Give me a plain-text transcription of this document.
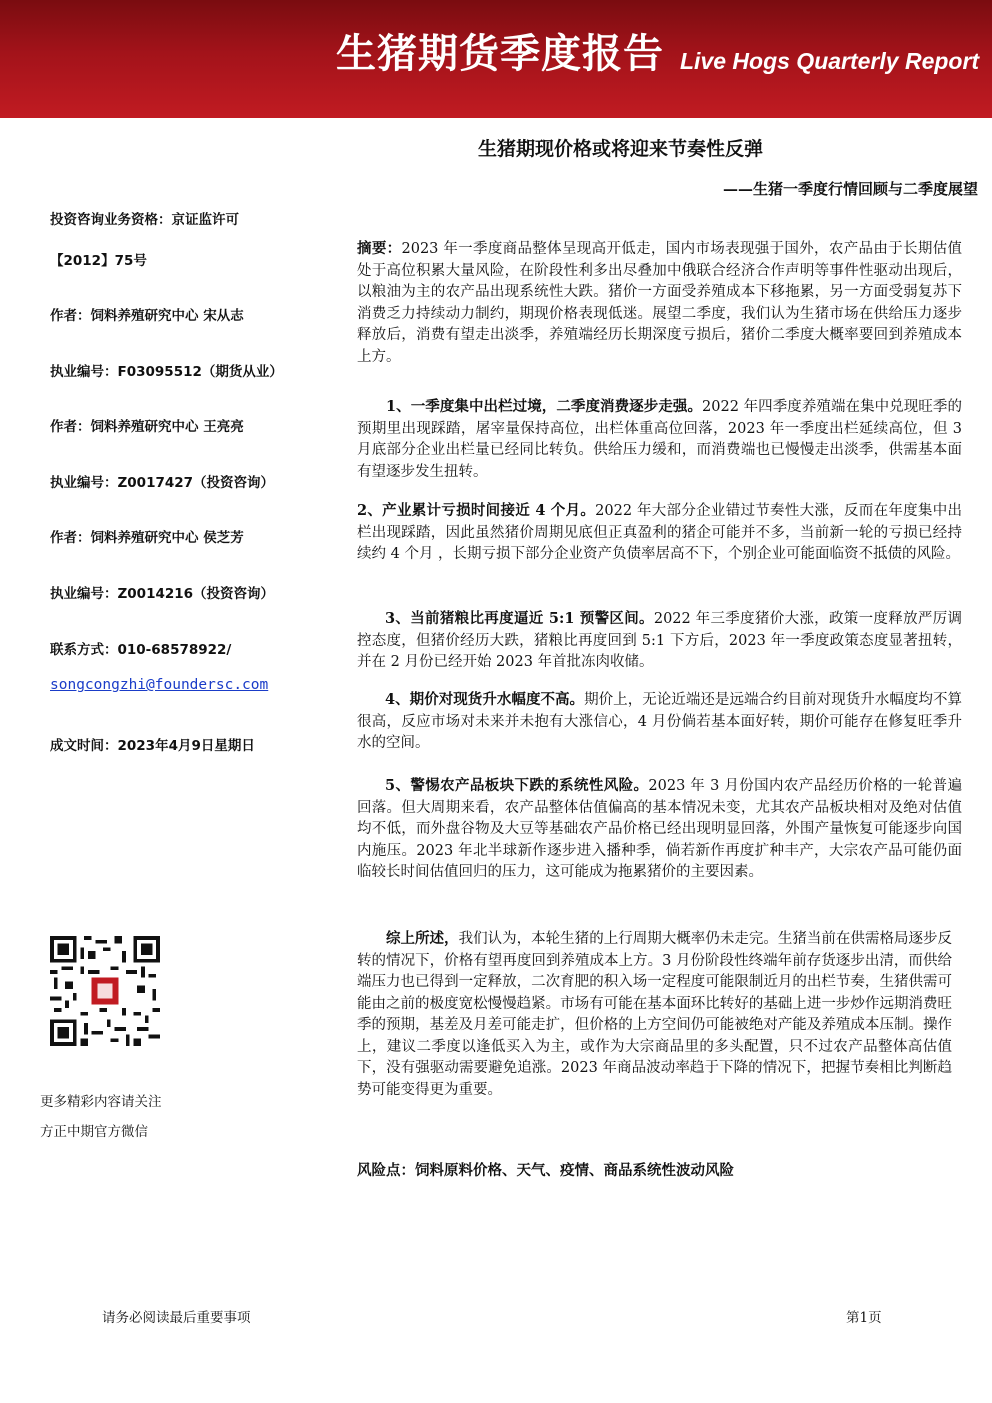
生猪期货季度报告 Live Hogs Quarterly Report
生猪期现价格或将迎来节奏性反弹
——生猪一季度行情回顾与二季度展望
投资咨询业务资格：京证监许可
【2012】75号
作者：饲料养殖研究中心 宋从志
执业编号：F03095512（期货从业）
作者：饲料养殖研究中心 王亮亮
执业编号：Z0017427（投资咨询）
作者：饲料养殖研究中心 侯芝芳
执业编号：Z0014216（投资咨询）
联系方式：010-68578922/
songcongzhi@foundersc.com
成文时间：2023年4月9日星期日
更多精彩内容请关注
方正中期官方微信

摘要：2023 年一季度商品整体呈现高开低走，国内市场表现强于国外，农产品由于长期估值处于高位积累大量风险，在阶段性利多出尽叠加中俄联合经济合作声明等事件性驱动出现后，以粮油为主的农产品出现系统性大跌。猪价一方面受养殖成本下移拖累，另一方面受弱复苏下消费乏力持续动力制约，期现价格表现低迷。展望二季度，我们认为生猪市场在供给压力逐步释放后，消费有望走出淡季，养殖端经历长期深度亏损后，猪价二季度大概率要回到养殖成本上方。

1、一季度集中出栏过境，二季度消费逐步走强。2022 年四季度养殖端在集中兑现旺季的预期里出现踩踏，屠宰量保持高位，出栏体重高位回落，2023 年一季度出栏延续高位，但 3 月底部分企业出栏量已经同比转负。供给压力缓和，而消费端也已慢慢走出淡季，供需基本面有望逐步发生扭转。

2、产业累计亏损时间接近 4 个月。2022 年大部分企业错过节奏性大涨，反而在年度集中出栏出现踩踏，因此虽然猪价周期见底但正真盈利的猪企可能并不多，当前新一轮的亏损已经持续约 4 个月 ，长期亏损下部分企业资产负债率居高不下，个别企业可能面临资不抵债的风险。

3、当前猪粮比再度逼近 5:1 预警区间。2022 年三季度猪价大涨，政策一度释放严厉调控态度，但猪价经历大跌，猪粮比再度回到 5:1 下方后，2023 年一季度政策态度显著扭转，并在 2 月份已经开始 2023 年首批冻肉收储。

4、期价对现货升水幅度不高。期价上，无论近端还是远端合约目前对现货升水幅度均不算很高，反应市场对未来并未抱有大涨信心，4 月份倘若基本面好转，期价可能存在修复旺季升水的空间。

5、警惕农产品板块下跌的系统性风险。2023 年 3 月份国内农产品经历价格的一轮普遍回落。但大周期来看，农产品整体估值偏高的基本情况未变，尤其农产品板块相对及绝对估值均不低，而外盘谷物及大豆等基础农产品价格已经出现明显回落，外围产量恢复可能逐步向国内施压。2023 年北半球新作逐步进入播种季，倘若新作再度扩种丰产，大宗农产品可能仍面临较长时间估值回归的压力，这可能成为拖累猪价的主要因素。

综上所述，我们认为，本轮生猪的上行周期大概率仍未走完。生猪当前在供需格局逐步反转的情况下，价格有望再度回到养殖成本上方。3 月份阶段性终端年前存货逐步出清，而供给端压力也已得到一定释放，二次育肥的积入场一定程度可能限制近月的出栏节奏，生猪供需可能由之前的极度宽松慢慢趋紧。市场有可能在基本面环比转好的基础上进一步炒作远期消费旺季的预期，基差及月差可能走扩，但价格的上方空间仍可能被绝对产能及养殖成本压制。操作上，建议二季度以逢低买入为主，或作为大宗商品里的多头配置，只不过农产品整体高估值下，没有强驱动需要避免追涨。2023 年商品波动率趋于下降的情况下，把握节奏相比判断趋势可能变得更为重要。

风险点：饲料原料价格、天气、疫情、商品系统性波动风险

请务必阅读最后重要事项	第1页
